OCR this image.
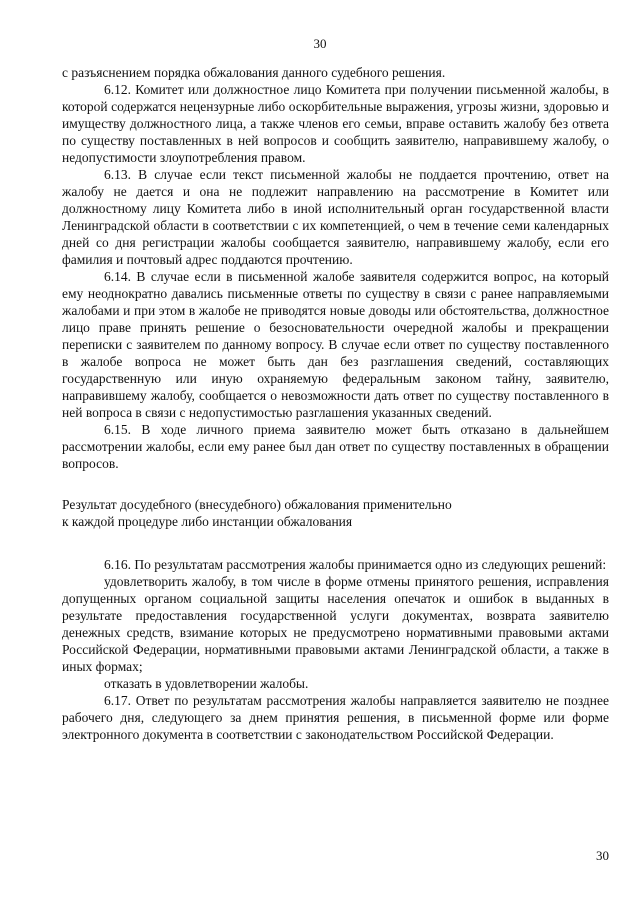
30

с разъяснением порядка обжалования данного судебного решения.

6.12. Комитет или должностное лицо Комитета при получении письменной жалобы, в которой содержатся нецензурные либо оскорбительные выражения, угрозы жизни, здоровью и имуществу должностного лица, а также членов его семьи, вправе оставить жалобу без ответа по существу поставленных в ней вопросов и сообщить заявителю, направившему жалобу, о недопустимости злоупотребления правом.

6.13. В случае если текст письменной жалобы не поддается прочтению, ответ на жалобу не дается и она не подлежит направлению на рассмотрение в Комитет или должностному лицу Комитета либо в иной исполнительный орган государственной власти Ленинградской области в соответствии с их компетенцией, о чем в течение семи календарных дней со дня регистрации жалобы сообщается заявителю, направившему жалобу, если его фамилия и почтовый адрес поддаются прочтению.

6.14. В случае если в письменной жалобе заявителя содержится вопрос, на который ему неоднократно давались письменные ответы по существу в связи с ранее направляемыми жалобами и при этом в жалобе не приводятся новые доводы или обстоятельства, должностное лицо праве принять решение о безосновательности очередной жалобы и прекращении переписки с заявителем по данному вопросу. В случае если ответ по существу поставленного в жалобе вопроса не может быть дан без разглашения сведений, составляющих государственную или иную охраняемую федеральным законом тайну, заявителю, направившему жалобу, сообщается о невозможности дать ответ по существу поставленного в ней вопроса в связи с недопустимостью разглашения указанных сведений.

6.15. В ходе личного приема заявителю может быть отказано в дальнейшем рассмотрении жалобы, если ему ранее был дан ответ по существу поставленных в обращении вопросов.

Результат досудебного (внесудебного) обжалования применительно
к каждой процедуре либо инстанции обжалования

6.16. По результатам рассмотрения жалобы принимается одно из следующих решений:

удовлетворить жалобу, в том числе в форме отмены принятого решения, исправления допущенных органом социальной защиты населения опечаток и ошибок в выданных в результате предоставления государственной услуги документах, возврата заявителю денежных средств, взимание которых не предусмотрено нормативными правовыми актами Российской Федерации, нормативными правовыми актами Ленинградской области, а также в иных формах;

отказать в удовлетворении жалобы.

6.17. Ответ по результатам рассмотрения жалобы направляется заявителю не позднее рабочего дня, следующего за днем принятия решения, в письменной форме или форме электронного документа в соответствии с законодательством Российской Федерации.

30
